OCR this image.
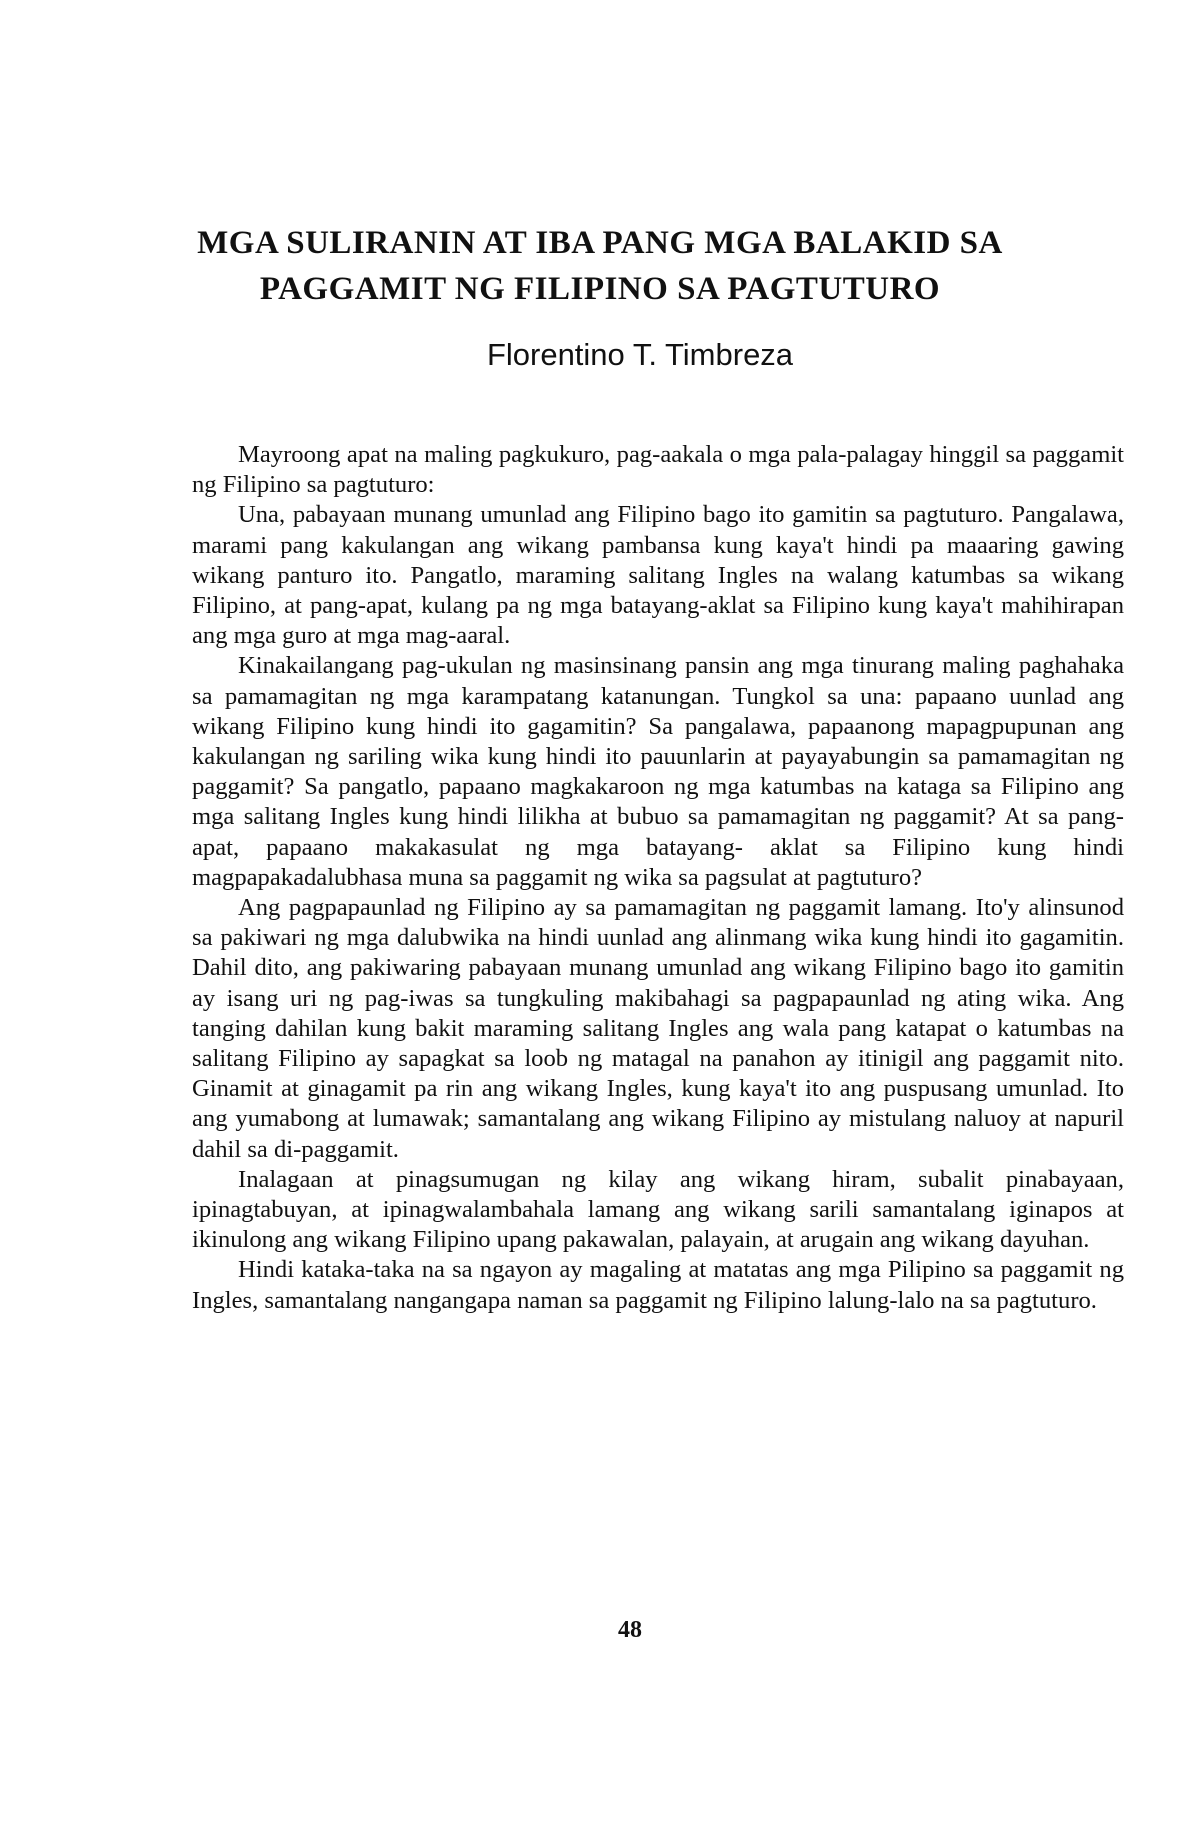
MGA SULIRANIN AT IBA PANG MGA BALAKID SA
PAGGAMIT NG FILIPINO SA PAGTUTURO
Florentino T. Timbreza

Mayroong apat na maling pagkukuro, pag-aakala o mga pala-palagay hinggil sa paggamit ng Filipino sa pagtuturo:

Una, pabayaan munang umunlad ang Filipino bago ito gamitin sa pagtuturo. Pangalawa, marami pang kakulangan ang wikang pambansa kung kaya't hindi pa maaaring gawing wikang panturo ito. Pangatlo, maraming salitang Ingles na walang katumbas sa wikang Filipino, at pang-apat, kulang pa ng mga batayang-aklat sa Filipino kung kaya't mahihirapan ang mga guro at mga mag-aaral.

Kinakailangang pag-ukulan ng masinsinang pansin ang mga tinurang maling paghahaka sa pamamagitan ng mga karampatang katanungan. Tungkol sa una: papaano uunlad ang wikang Filipino kung hindi ito gagamitin? Sa pangalawa, papaanong mapagpupunan ang kakulangan ng sariling wika kung hindi ito pauunlarin at payayabungin sa pamamagitan ng paggamit? Sa pangatlo, papaano magkakaroon ng mga katumbas na kataga sa Filipino ang mga salitang Ingles kung hindi lilikha at bubuo sa pamamagitan ng paggamit? At sa pang-apat, papaano makakasulat ng mga batayang- aklat sa Filipino kung hindi magpapakadalubhasa muna sa paggamit ng wika sa pagsulat at pagtuturo?

Ang pagpapaunlad ng Filipino ay sa pamamagitan ng paggamit lamang. Ito'y alinsunod sa pakiwari ng mga dalubwika na hindi uunlad ang alinmang wika kung hindi ito gagamitin. Dahil dito, ang pakiwaring pabayaan munang umunlad ang wikang Filipino bago ito gamitin ay isang uri ng pag-iwas sa tungkuling makibahagi sa pagpapaunlad ng ating wika. Ang tanging dahilan kung bakit maraming salitang Ingles ang wala pang katapat o katumbas na salitang Filipino ay sapagkat sa loob ng matagal na panahon ay itinigil ang paggamit nito. Ginamit at ginagamit pa rin ang wikang Ingles, kung kaya't ito ang puspusang umunlad. Ito ang yumabong at lumawak; samantalang ang wikang Filipino ay mistulang naluoy at napuril dahil sa di-paggamit.

Inalagaan at pinagsumugan ng kilay ang wikang hiram, subalit pinabayaan, ipinagtabuyan, at ipinagwalambahala lamang ang wikang sarili samantalang iginapos at ikinulong ang wikang Filipino upang pakawalan, palayain, at arugain ang wikang dayuhan.

Hindi kataka-taka na sa ngayon ay magaling at matatas ang mga Pilipino sa paggamit ng Ingles, samantalang nangangapa naman sa paggamit ng Filipino lalung-lalo na sa pagtuturo.

48
